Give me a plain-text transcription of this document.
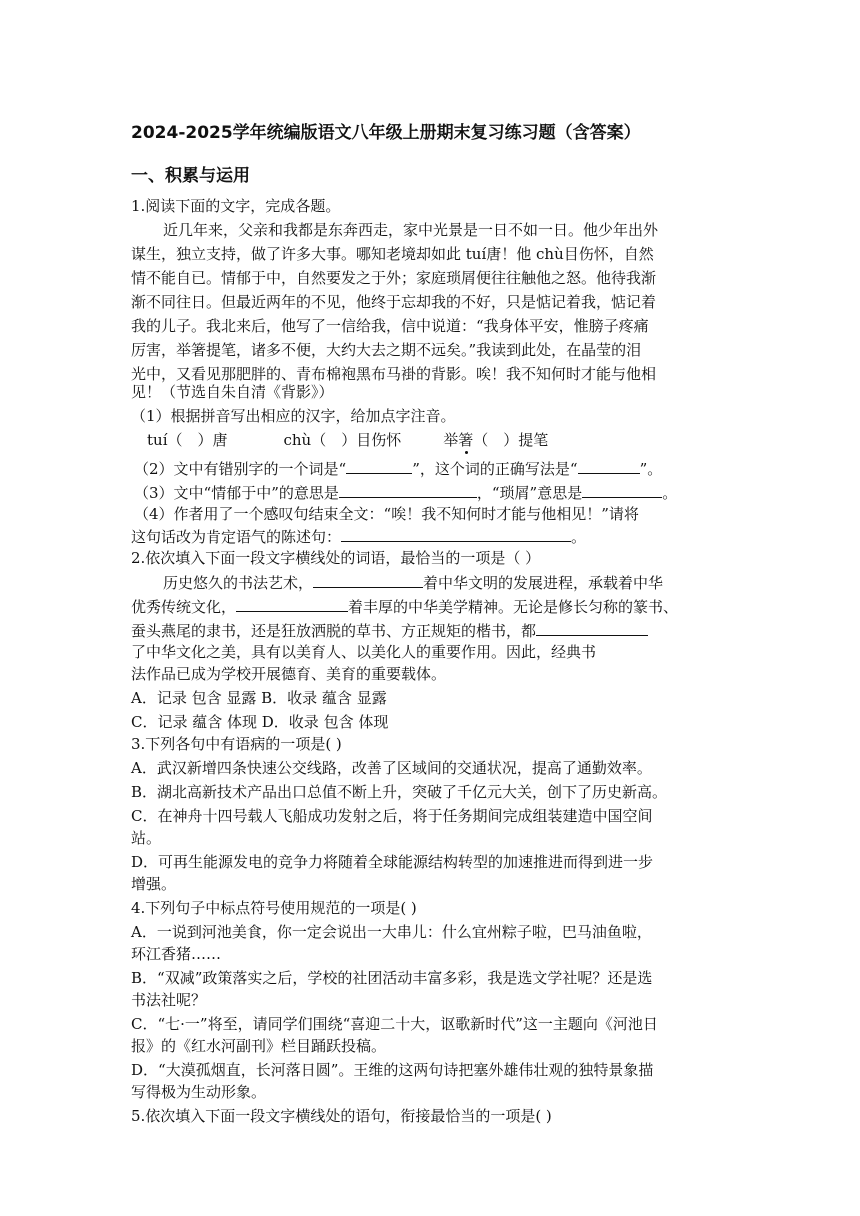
2024-2025学年统编版语文八年级上册期末复习练习题（含答案）
一、积累与运用
1.阅读下面的文字，完成各题。
近几年来，父亲和我都是东奔西走，家中光景是一日不如一日。他少年出外
谋生，独立支持，做了许多大事。哪知老境却如此 tuí唐！他 chù目伤怀，自然
情不能自已。情郁于中，自然要发之于外；家庭琐屑便往往触他之怒。他待我渐
渐不同往日。但最近两年的不见，他终于忘却我的不好，只是惦记着我，惦记着
我的儿子。我北来后，他写了一信给我，信中说道：“我身体平安，惟膀子疼痛
厉害，举箸提笔，诸多不便，大约大去之期不远矣。”我读到此处，在晶莹的泪
光中，又看见那肥胖的、青布棉袍黑布马褂的背影。唉！我不知何时才能与他相
见！（节选自朱自清《背影》）
（1）根据拼音写出相应的汉字，给加点字注音。
tuí（　）唐	chù（　）目伤怀	举箸（　）提笔
（2）文中有错别字的一个词是“	”，这个词的正确写法是“	”。
（3）文中“情郁于中”的意思是	，“琐屑”意思是	。
（4）作者用了一个感叹句结束全文：“唉！我不知何时才能与他相见！”请将
这句话改为肯定语气的陈述句：	。
2.依次填入下面一段文字横线处的词语，最恰当的一项是（ ）
历史悠久的书法艺术，	着中华文明的发展进程，承载着中华
优秀传统文化，	着丰厚的中华美学精神。无论是修长匀称的篆书、
蚕头燕尾的隶书，还是狂放洒脱的草书、方正规矩的楷书，都
了中华文化之美，具有以美育人、以美化人的重要作用。因此，经典书
法作品已成为学校开展德育、美育的重要载体。
A．记录 包含 显露 B．收录 蕴含 显露
C．记录 蕴含 体现 D．收录 包含 体现
3.下列各句中有语病的一项是( )
A．武汉新增四条快速公交线路，改善了区域间的交通状况，提高了通勤效率。
B．湖北高新技术产品出口总值不断上升，突破了千亿元大关，创下了历史新高。
C．在神舟十四号载人飞船成功发射之后，将于任务期间完成组装建造中国空间
站。
D．可再生能源发电的竞争力将随着全球能源结构转型的加速推进而得到进一步
增强。
4.下列句子中标点符号使用规范的一项是( )
A．一说到河池美食，你一定会说出一大串儿：什么宜州粽子啦，巴马油鱼啦，
环江香猪……
B．“双减”政策落实之后，学校的社团活动丰富多彩，我是选文学社呢？还是选
书法社呢？
C．“七·一”将至，请同学们围绕“喜迎二十大，讴歌新时代”这一主题向《河池日
报》的《红水河副刊》栏目踊跃投稿。
D．“大漠孤烟直，长河落日圆”。王维的这两句诗把塞外雄伟壮观的独特景象描
写得极为生动形象。
5.依次填入下面一段文字横线处的语句，衔接最恰当的一项是( )
